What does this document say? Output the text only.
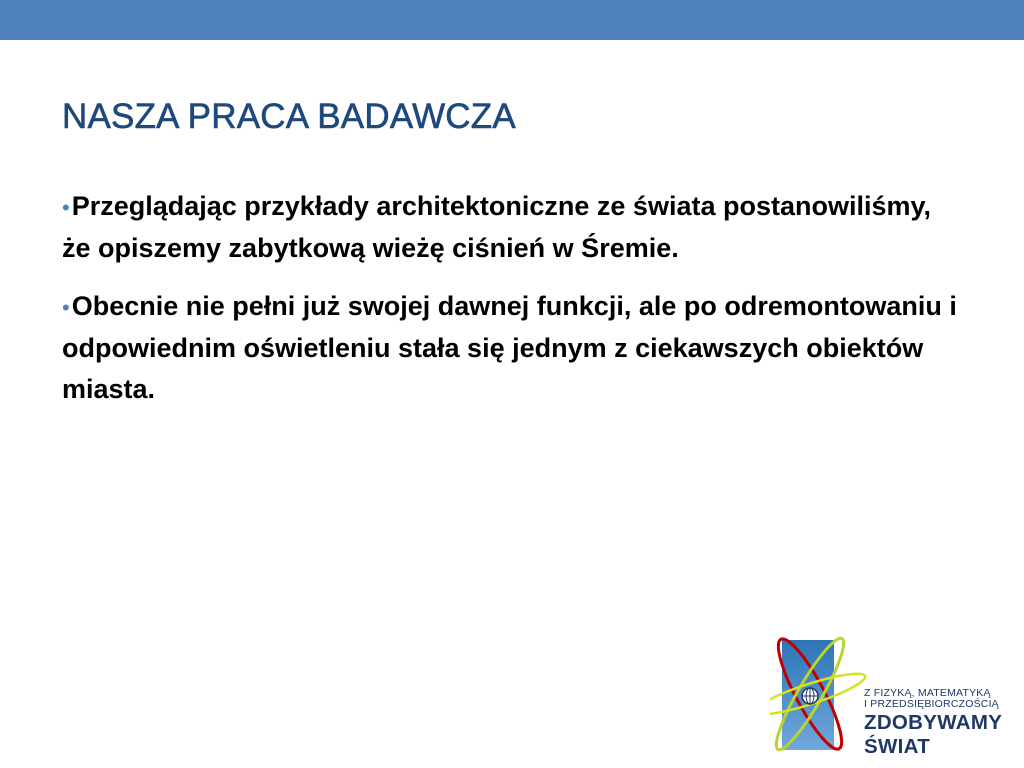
NASZA PRACA BADAWCZA

•Przeglądając przykłady architektoniczne ze świata postanowiliśmy, że opiszemy zabytkową wieżę ciśnień w Śremie.

•Obecnie nie pełni już swojej dawnej funkcji, ale po odremontowaniu i odpowiednim oświetleniu stała się jednym z ciekawszych obiektów miasta.

Z FIZYKĄ, MATEMATYKĄ
I PRZEDSIĘBIORCZOŚCIĄ

ZDOBYWAMY

ŚWIAT
